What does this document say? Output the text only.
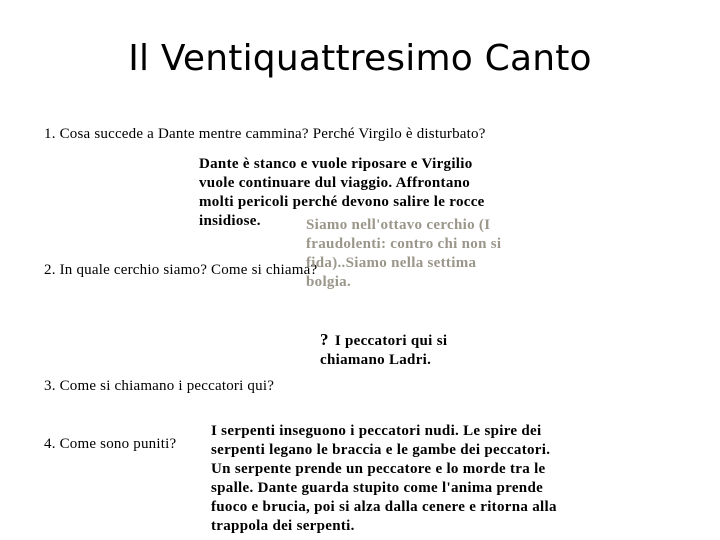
Il Ventiquattresimo Canto
1. Cosa succede a Dante mentre cammina? Perché Virgilo è disturbato?
Dante è stanco e vuole riposare e Virgilio vuole continuare dul viaggio. Affrontano molti pericoli perché devono salire le rocce insidiose.
2. In quale cerchio siamo? Come si chiama?
Siamo nell'ottavo cerchio (I fraudolenti: contro chi non si fida)..Siamo nella settima bolgia.
? I peccatori qui si chiamano Ladri.
3. Come si chiamano i peccatori qui?
4. Come sono puniti?
I serpenti inseguono i peccatori nudi. Le spire dei serpenti legano le braccia e le gambe dei peccatori. Un serpente prende un peccatore e lo morde tra le spalle. Dante guarda stupito come l'anima prende fuoco e brucia, poi si alza dalla cenere e ritorna alla trappola dei serpenti.
